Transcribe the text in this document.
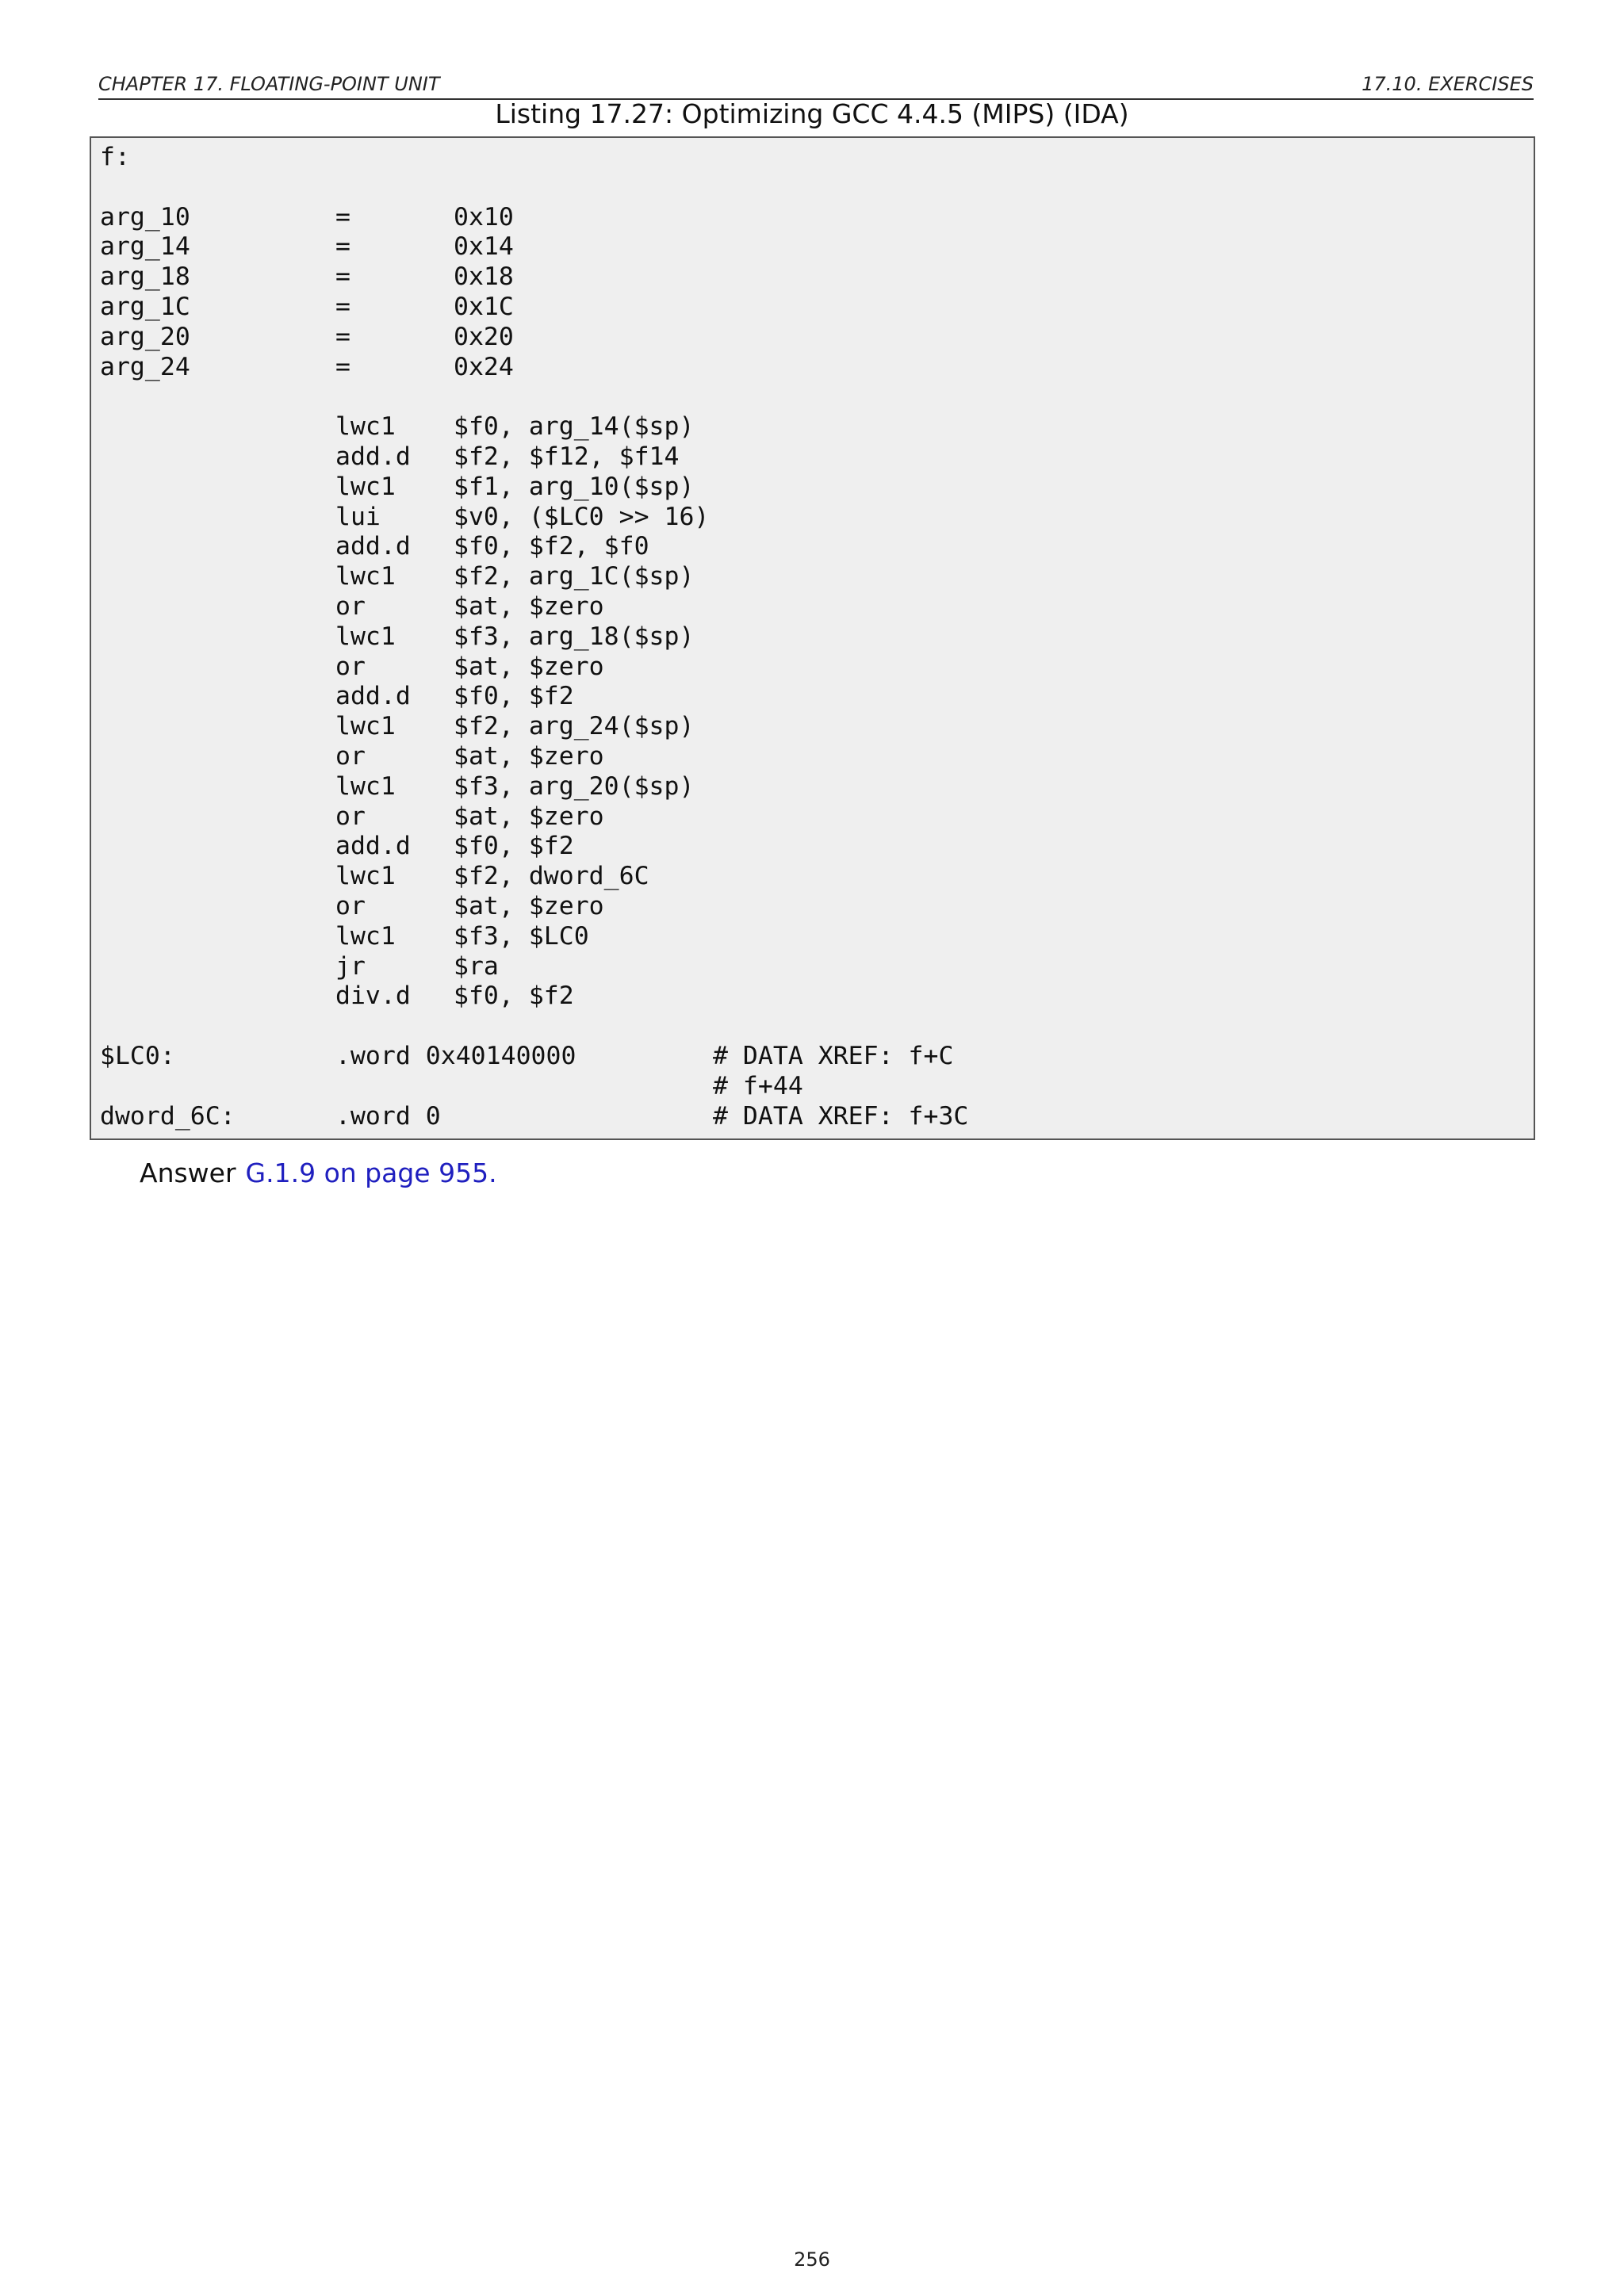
CHAPTER 17. FLOATING-POINT UNIT	17.10. EXERCISES
Listing 17.27: Optimizing GCC 4.4.5 (MIPS) (IDA)
f:
arg_10	=	0x10
arg_14	=	0x14
arg_18	=	0x18
arg_1C	=	0x1C
arg_20	=	0x20
arg_24	=	0x24
lwc1 $f0, arg_14($sp)
add.d $f2, $f12, $f14
lwc1 $f1, arg_10($sp)
lui	$v0, ($LC0 >> 16)
add.d $f0, $f2, $f0
lwc1 $f2, arg_1C($sp)
or	$at, $zero
lwc1 $f3, arg_18($sp)
or	$at, $zero
add.d $f0, $f2
lwc1 $f2, arg_24($sp)
or	$at, $zero
lwc1 $f3, arg_20($sp)
or	$at, $zero
add.d $f0, $f2
lwc1 $f2, dword_6C
or	$at, $zero
lwc1 $f3, $LC0
jr	$ra
div.d $f0, $f2
$LC0:	.word 0x40140000	# DATA XREF: f+C
# f+44
dword_6C:	.word 0	# DATA XREF: f+3C
Answer G.1.9 on page 955.
256
